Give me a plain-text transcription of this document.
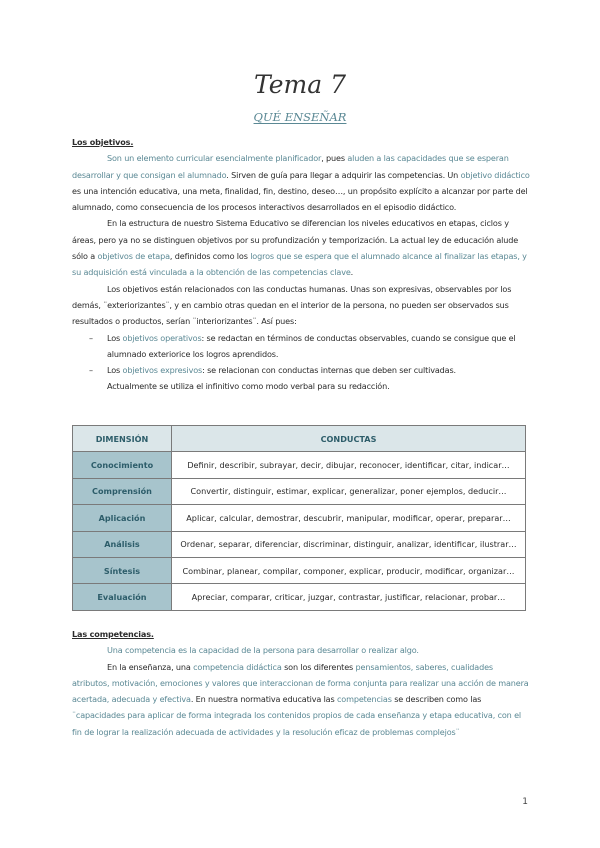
Tema 7
QUÉ ENSEÑAR

Los objetivos.

Son un elemento curricular esencialmente planificador, pues aluden a las capacidades que se esperan desarrollar y que consigan el alumnado. Sirven de guía para llegar a adquirir las competencias. Un objetivo didáctico es una intención educativa, una meta, finalidad, fin, destino, deseo…, un propósito explícito a alcanzar por parte del alumnado, como consecuencia de los procesos interactivos desarrollados en el episodio didáctico.

En la estructura de nuestro Sistema Educativo se diferencian los niveles educativos en etapas, ciclos y áreas, pero ya no se distinguen objetivos por su profundización y temporización. La actual ley de educación alude sólo a objetivos de etapa, definidos como los logros que se espera que el alumnado alcance al finalizar las etapas, y su adquisición está vinculada a la obtención de las competencias clave.

Los objetivos están relacionados con las conductas humanas. Unas son expresivas, observables por los demás, ¨exteriorizantes¨, y en cambio otras quedan en el interior de la persona, no pueden ser observados sus resultados o productos, serían ¨interiorizantes¨. Así pues:

– Los objetivos operativos: se redactan en términos de conductas observables, cuando se consigue que el alumnado exteriorice los logros aprendidos.
– Los objetivos expresivos: se relacionan con conductas internas que deben ser cultivadas.

Actualmente se utiliza el infinitivo como modo verbal para su redacción.

DIMENSIÓN	CONDUCTAS
Conocimiento	Definir, describir, subrayar, decir, dibujar, reconocer, identificar, citar, indicar…
Comprensión	Convertir, distinguir, estimar, explicar, generalizar, poner ejemplos, deducir…
Aplicación	Aplicar, calcular, demostrar, descubrir, manipular, modificar, operar, preparar…
Análisis	Ordenar, separar, diferenciar, discriminar, distinguir, analizar, identificar, ilustrar…
Síntesis	Combinar, planear, compilar, componer, explicar, producir, modificar, organizar…
Evaluación	Apreciar, comparar, criticar, juzgar, contrastar, justificar, relacionar, probar…

Las competencias.

Una competencia es la capacidad de la persona para desarrollar o realizar algo.

En la enseñanza, una competencia didáctica son los diferentes pensamientos, saberes, cualidades atributos, motivación, emociones y valores que interaccionan de forma conjunta para realizar una acción de manera acertada, adecuada y efectiva. En nuestra normativa educativa las competencias se describen como las ¨capacidades para aplicar de forma integrada los contenidos propios de cada enseñanza y etapa educativa, con el fin de lograr la realización adecuada de actividades y la resolución eficaz de problemas complejos¨

1
